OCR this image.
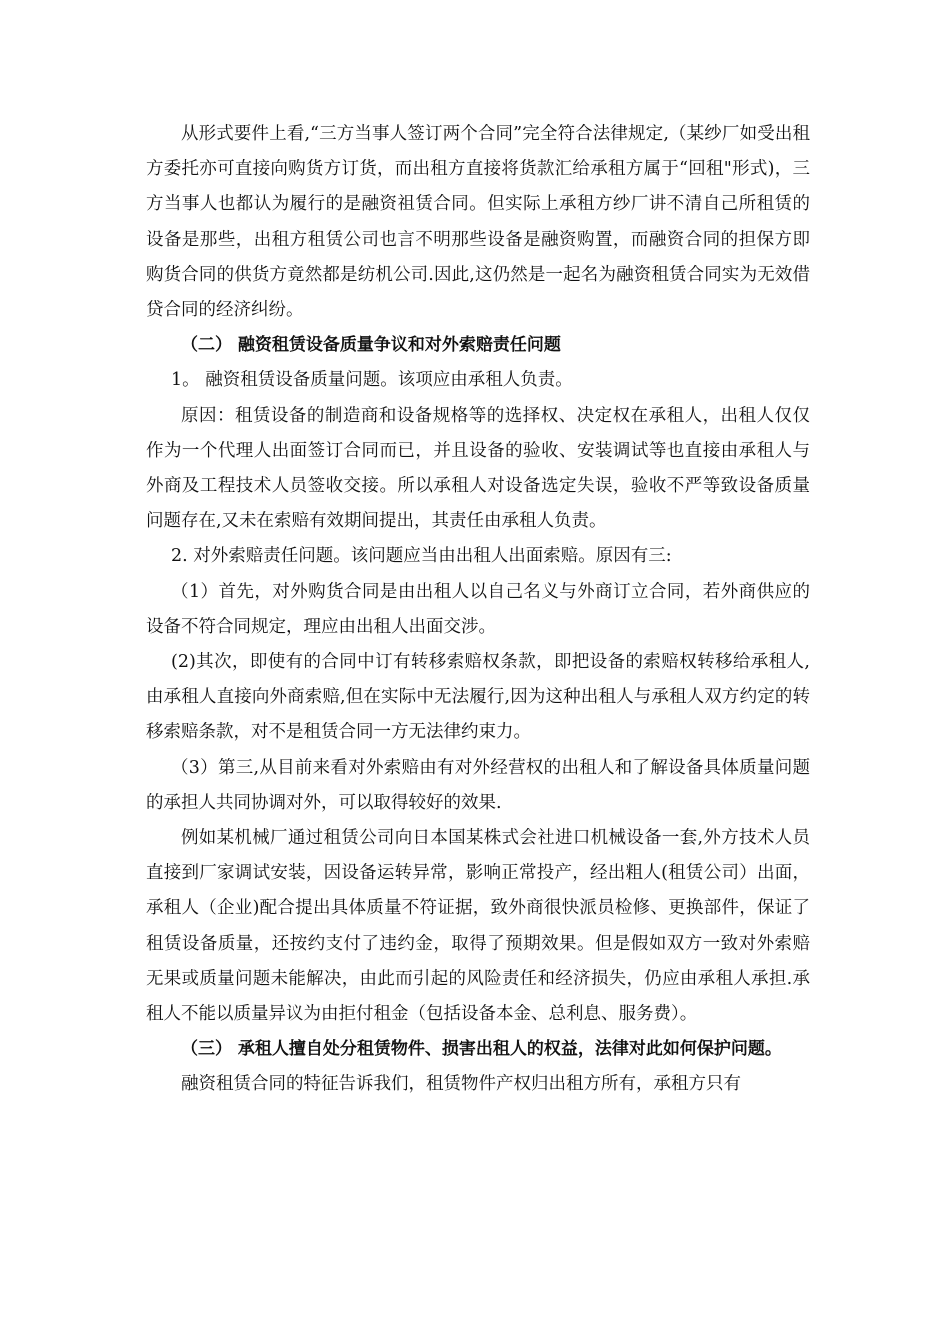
从形式要件上看,“三方当事人签订两个合同”完全符合法律规定,（某纱厂如受出租方委托亦可直接向购货方订货，而出租方直接将货款汇给承租方属于“回租"形式)，三方当事人也都认为履行的是融资祖赁合同。但实际上承租方纱厂讲不清自己所租赁的设备是那些，出租方租赁公司也言不明那些设备是融资购置，而融资合同的担保方即购货合同的供货方竟然都是纺机公司.因此,这仍然是一起名为融资租赁合同实为无效借贷合同的经济纠纷。

（二） 融资租赁设备质量争议和对外索赔责任问题

1。 融资租赁设备质量问题。该项应由承租人负责。

原因：租赁设备的制造商和设备规格等的选择权、决定权在承租人，出租人仅仅作为一个代理人出面签订合同而已，并且设备的验收、安装调试等也直接由承租人与外商及工程技术人员签收交接。所以承租人对设备选定失误，验收不严等致设备质量问题存在,又未在索赔有效期间提出，其责任由承租人负责。

2. 对外索赔责任问题。该问题应当由出租人出面索赔。原因有三:

（1）首先，对外购货合同是由出租人以自己名义与外商订立合同，若外商供应的设备不符合同规定，理应由出租人出面交涉。

(2)其次，即使有的合同中订有转移索赔权条款，即把设备的索赔权转移给承租人,由承租人直接向外商索赔,但在实际中无法履行,因为这种出租人与承租人双方约定的转移索赔条款，对不是租赁合同一方无法律约束力。

（3）第三,从目前来看对外索赔由有对外经营权的出租人和了解设备具体质量问题的承担人共同协调对外，可以取得较好的效果.

例如某机械厂通过租赁公司向日本国某株式会社进口机械设备一套,外方技术人员直接到厂家调试安装，因设备运转异常，影响正常投产，经出粗人(租赁公司）出面，承租人（企业)配合提出具体质量不符证据，致外商很快派员检修、更换部件，保证了租赁设备质量，还按约支付了违约金，取得了预期效果。但是假如双方一致对外索赔无果或质量问题未能解决，由此而引起的风险责任和经济损失，仍应由承租人承担.承租人不能以质量异议为由拒付租金（包括设备本金、总利息、服务费）。

（三） 承租人擅自处分租赁物件、损害出租人的权益，法律对此如何保护问题。

融资租赁合同的特征告诉我们，租赁物件产权归出租方所有，承租方只有
